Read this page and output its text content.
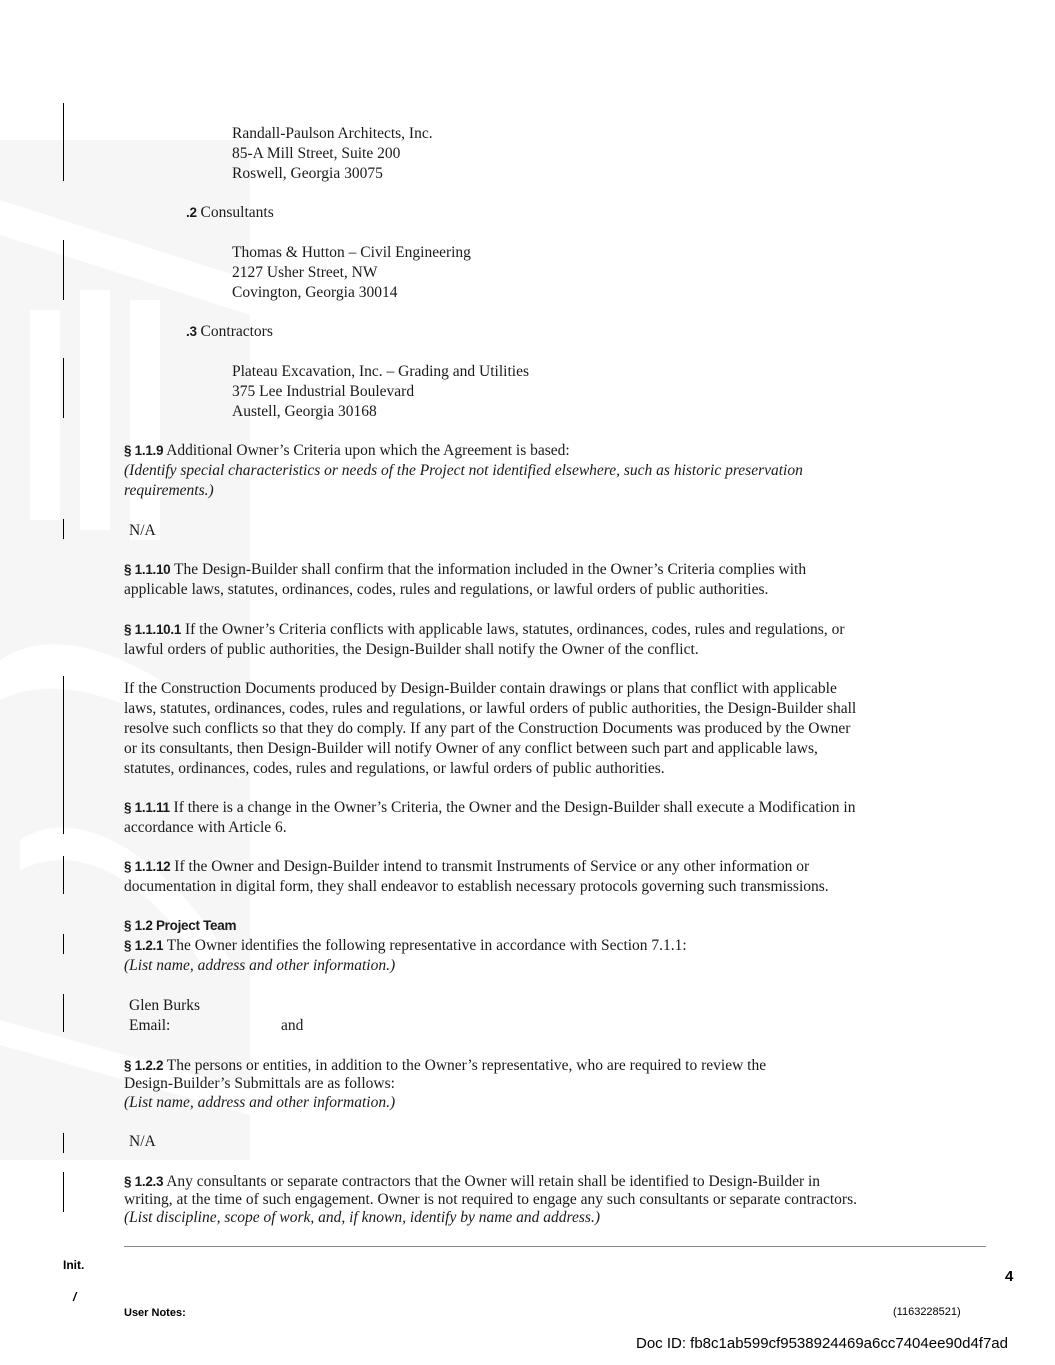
Randall-Paulson Architects, Inc.
85-A Mill Street, Suite 200
Roswell, Georgia 30075
.2 Consultants
Thomas & Hutton – Civil Engineering
2127 Usher Street, NW
Covington, Georgia 30014
.3 Contractors
Plateau Excavation, Inc. – Grading and Utilities
375 Lee Industrial Boulevard
Austell, Georgia 30168
§ 1.1.9 Additional Owner’s Criteria upon which the Agreement is based:
(Identify special characteristics or needs of the Project not identified elsewhere, such as historic preservation
requirements.)
N/A
§ 1.1.10 The Design-Builder shall confirm that the information included in the Owner’s Criteria complies with
applicable laws, statutes, ordinances, codes, rules and regulations, or lawful orders of public authorities.
§ 1.1.10.1 If the Owner’s Criteria conflicts with applicable laws, statutes, ordinances, codes, rules and regulations, or
lawful orders of public authorities, the Design-Builder shall notify the Owner of the conflict.
If the Construction Documents produced by Design-Builder contain drawings or plans that conflict with applicable
laws, statutes, ordinances, codes, rules and regulations, or lawful orders of public authorities, the Design-Builder shall
resolve such conflicts so that they do comply. If any part of the Construction Documents was produced by the Owner
or its consultants, then Design-Builder will notify Owner of any conflict between such part and applicable laws,
statutes, ordinances, codes, rules and regulations, or lawful orders of public authorities.
§ 1.1.11 If there is a change in the Owner’s Criteria, the Owner and the Design-Builder shall execute a Modification in
accordance with Article 6.
§ 1.1.12 If the Owner and Design-Builder intend to transmit Instruments of Service or any other information or
documentation in digital form, they shall endeavor to establish necessary protocols governing such transmissions.
§ 1.2 Project Team
§ 1.2.1 The Owner identifies the following representative in accordance with Section 7.1.1:
(List name, address and other information.)
Glen Burks
Email:	and
§ 1.2.2 The persons or entities, in addition to the Owner’s representative, who are required to review the
Design-Builder’s Submittals are as follows:
(List name, address and other information.)
N/A
§ 1.2.3 Any consultants or separate contractors that the Owner will retain shall be identified to Design-Builder in
writing, at the time of such engagement. Owner is not required to engage any such consultants or separate contractors.
(List discipline, scope of work, and, if known, identify by name and address.)
Init.
/
User Notes:
4
(1163228521)
Doc ID: fb8c1ab599cf9538924469a6cc7404ee90d4f7ad
